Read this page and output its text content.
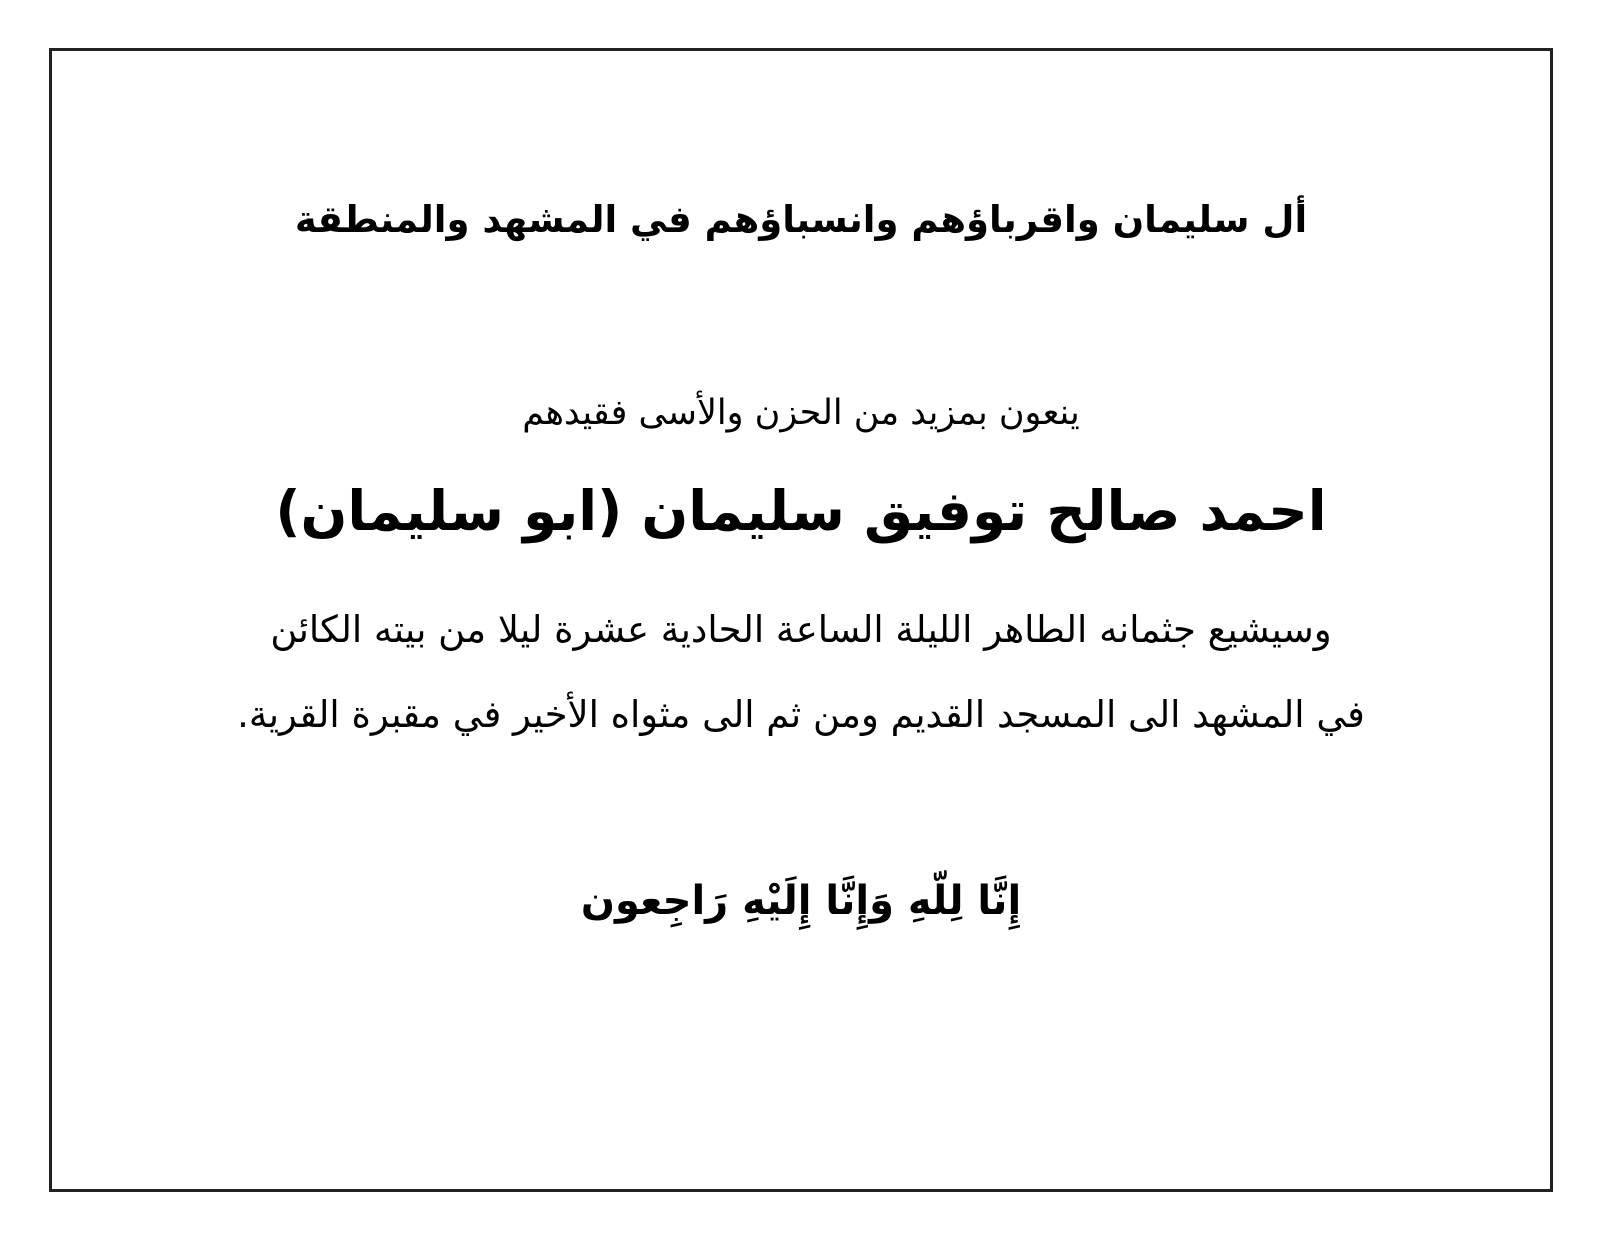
أل سليمان واقرباؤهم وانسباؤهم في المشهد والمنطقة
ينعون بمزيد من الحزن والأسى فقيدهم
احمد صالح توفيق سليمان (ابو سليمان)
وسيشيع جثمانه الطاهر الليلة الساعة الحادية عشرة ليلا من بيته الكائن
في المشهد الى المسجد القديم ومن ثم الى مثواه الأخير في مقبرة القرية.
إِنَّا لِلّهِ وَإِنَّا إِلَيْهِ رَاجِعون
